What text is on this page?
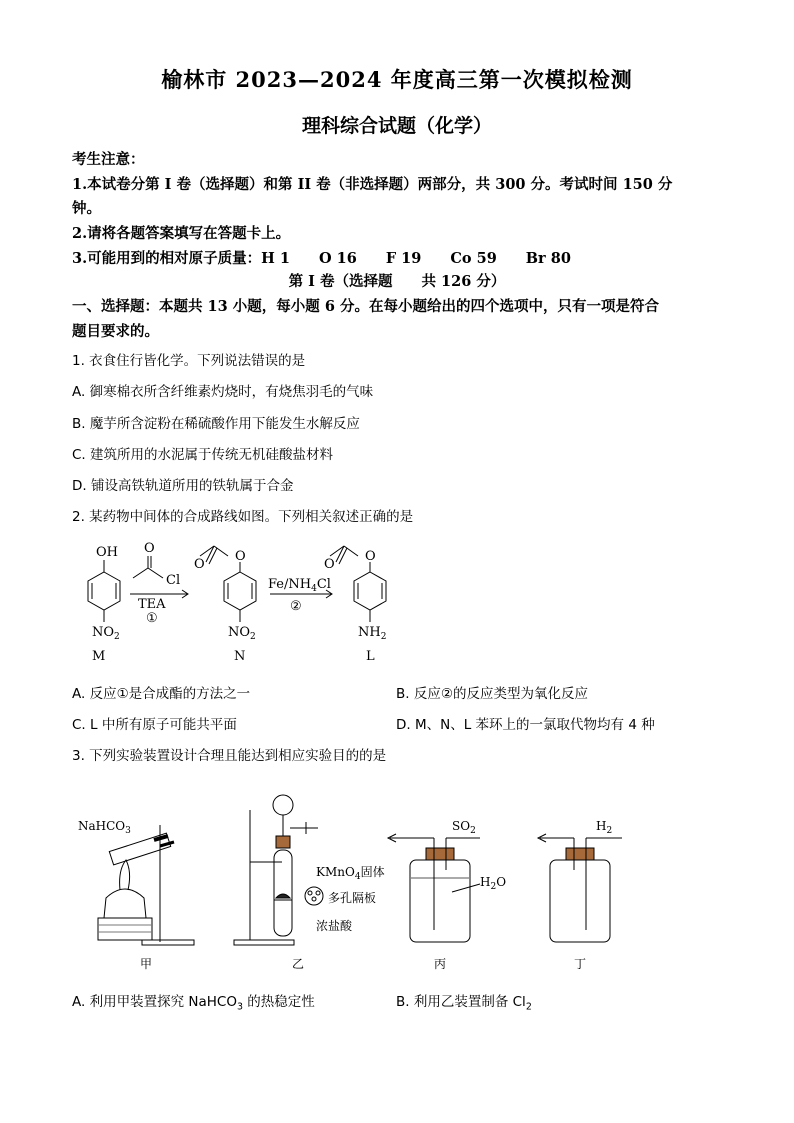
榆林市 2023—2024 年度高三第一次模拟检测
理科综合试题（化学）
考生注意：
1.本试卷分第 I 卷（选择题）和第 II 卷（非选择题）两部分，共 300 分。考试时间 150 分
钟。
2.请将各题答案填写在答题卡上。
3.可能用到的相对原子质量：H 1　　O 16　　F 19　　Co 59　　Br 80
第 I 卷（选择题　　共 126 分）
一、选择题：本题共 13 小题，每小题 6 分。在每小题给出的四个选项中，只有一项是符合
题目要求的。
1. 衣食住行皆化学。下列说法错误的是
A. 御寒棉衣所含纤维素灼烧时，有烧焦羽毛的气味
B. 魔芋所含淀粉在稀硫酸作用下能发生水解反应
C. 建筑所用的水泥属于传统无机硅酸盐材料
D. 铺设高铁轨道所用的铁轨属于合金
2. 某药物中间体的合成路线如图。下列相关叙述正确的是
OH
$NO_2$
M
O
Cl
TEA
①
O
O
$NO_2$
N
$Fe/NH_4Cl$
②
O
O
$NH_2$
L
A. 反应①是合成酯的方法之一	B. 反应②的反应类型为氧化反应
C. L 中所有原子可能共平面	D. M、N、L 苯环上的一氯取代物均有 4 种
3. 下列实验装置设计合理且能达到相应实验目的的是
NaHCO$_3$
甲
KMnO$_4$固体
多孔隔板
浓盐酸
乙
$SO_2$
$H_2O$
丙
$H_2$
丁
A. 利用甲装置探究 NaHCO$_3$ 的热稳定性	B. 利用乙装置制备 $Cl_2$
